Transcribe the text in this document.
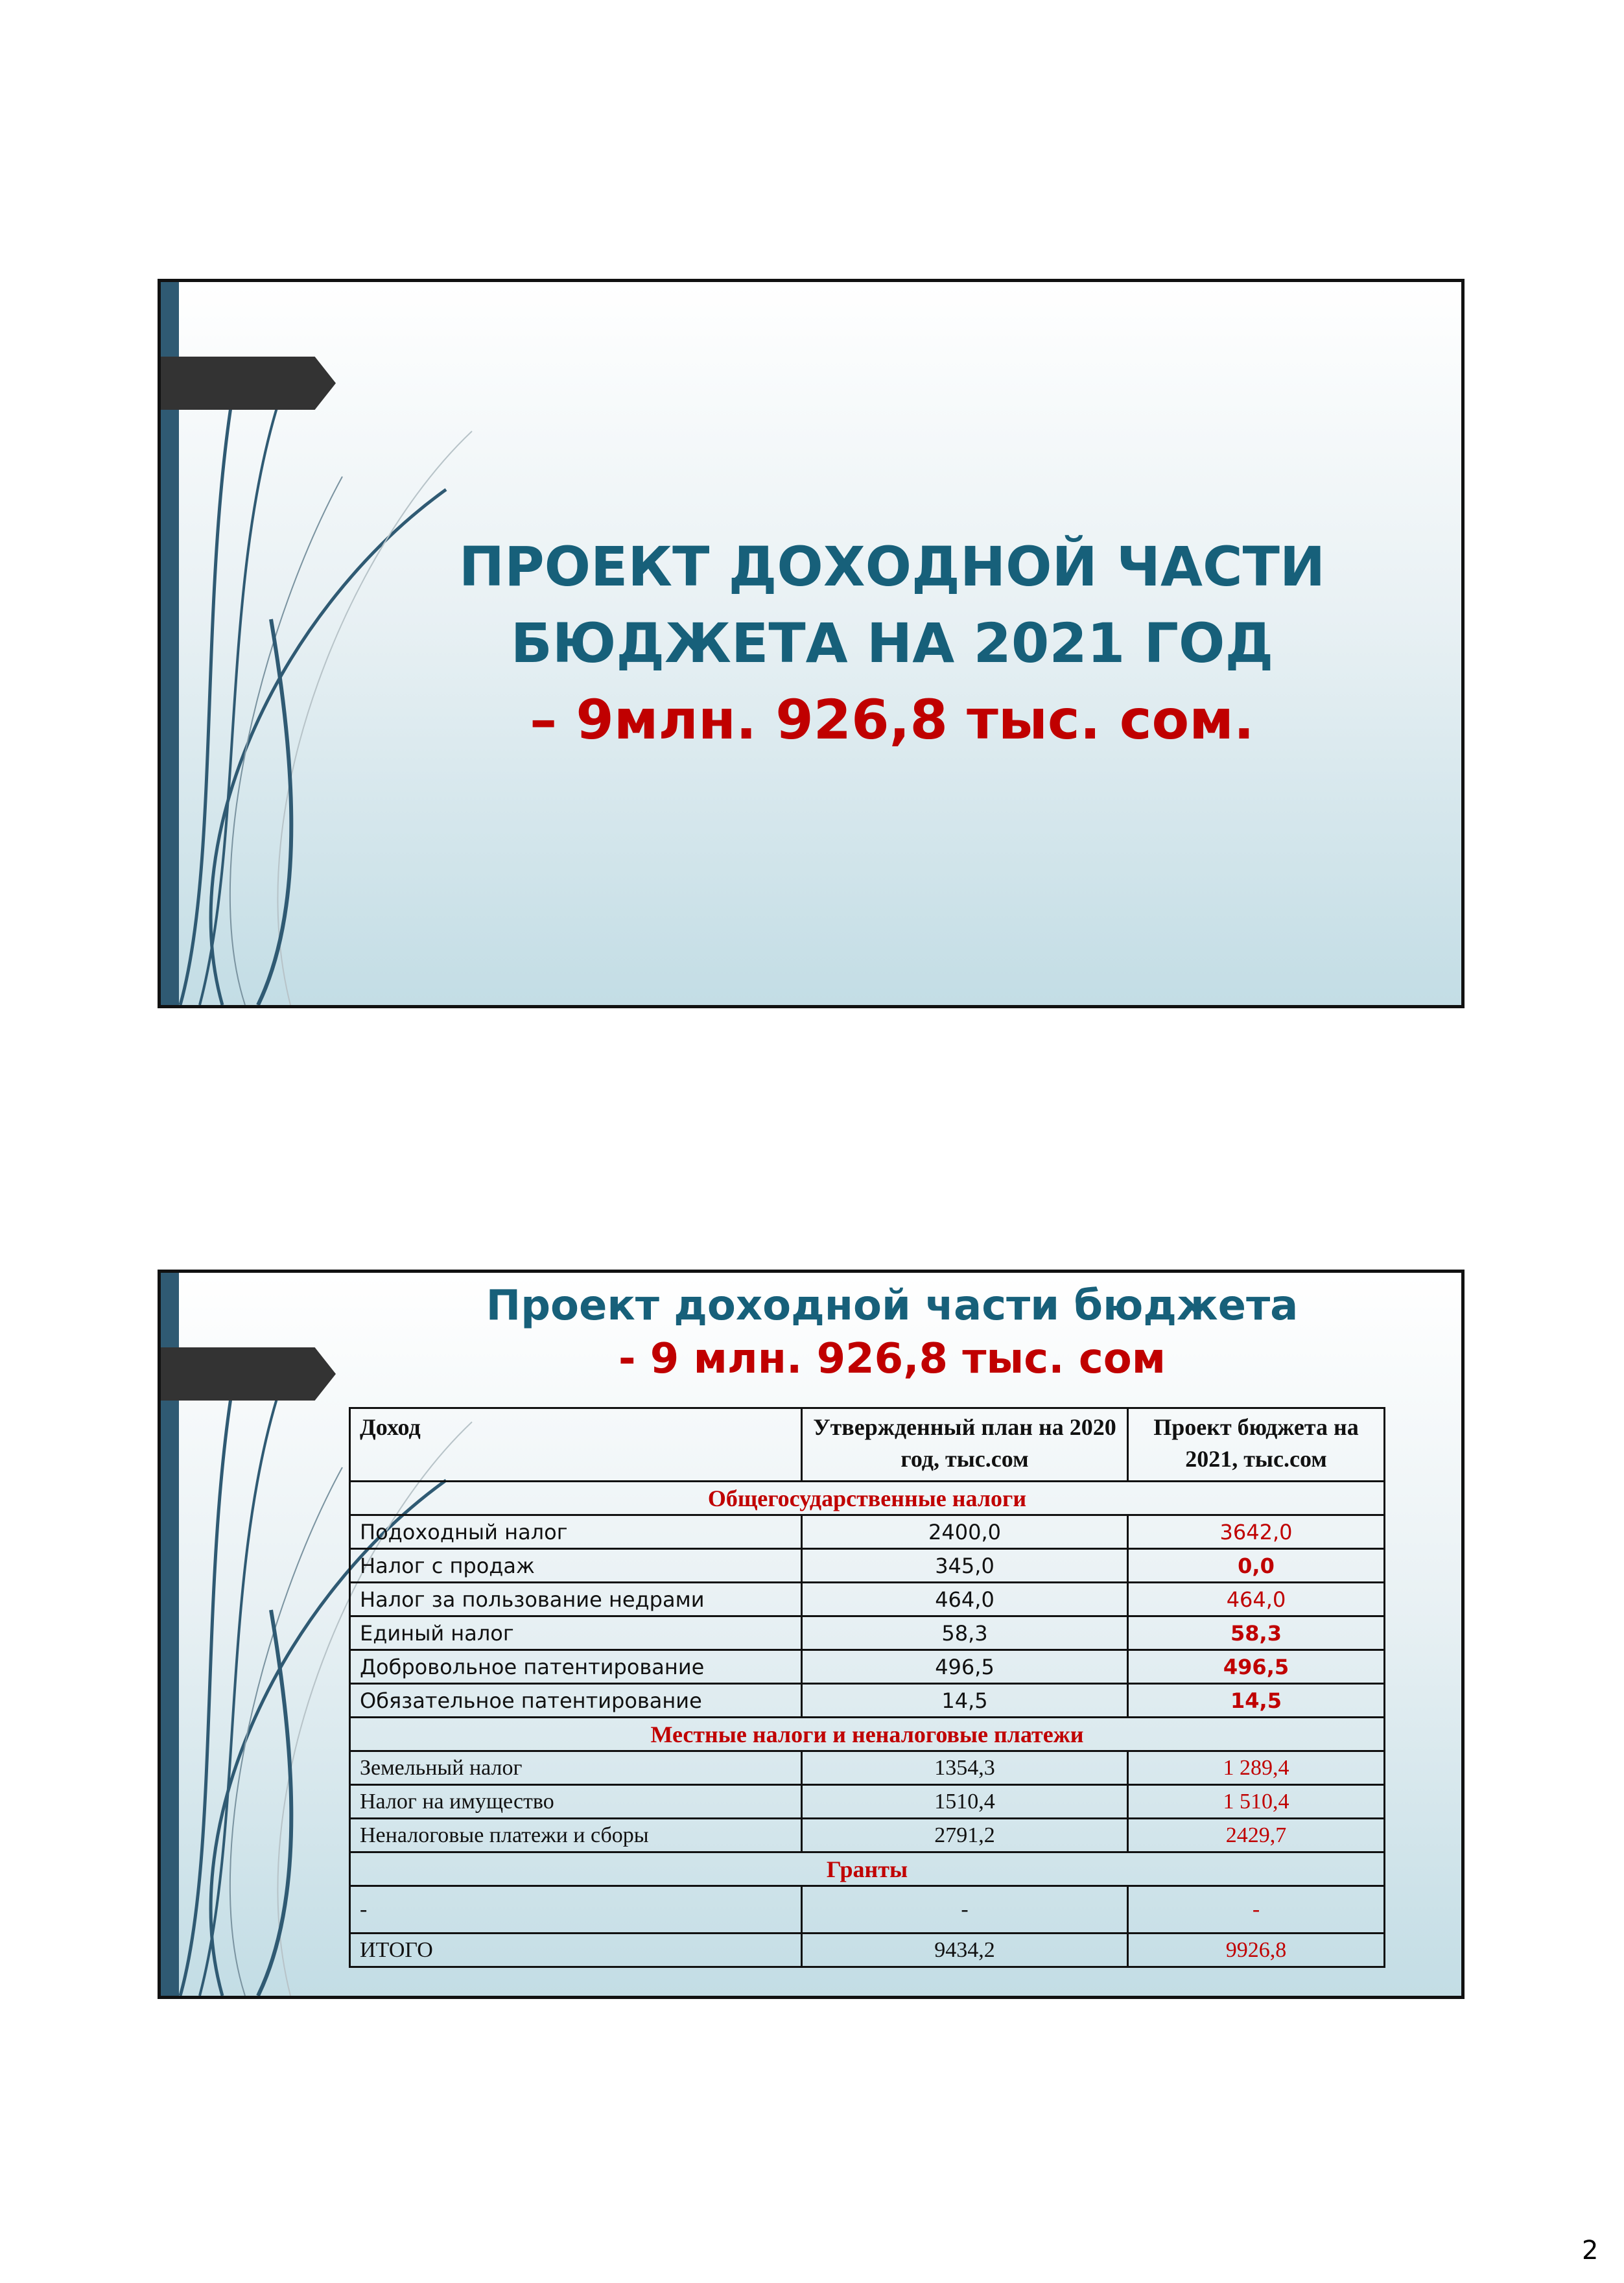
ПРОЕКТ ДОХОДНОЙ ЧАСТИ
БЮДЖЕТА НА 2021 ГОД
– 9млн. 926,8 тыс. сом.
Проект доходной части бюджета
- 9 млн. 926,8 тыс. сом
Доход	Утвержденный план на 2020 год, тыс.сом	Проект бюджета на 2021, тыс.сом
Общегосударственные налоги		
Подоходный налог	2400,0	3642,0
Налог с продаж	345,0	0,0
Налог за пользование недрами	464,0	464,0
Единый налог	58,3	58,3
Добровольное патентирование	496,5	496,5
Обязательное патентирование	14,5	14,5
Местные налоги и неналоговые платежи		
Земельный налог	1354,3	1 289,4
Налог на имущество	1510,4	1 510,4
Неналоговые платежи и сборы	2791,2	2429,7
Гранты		
-	-	-
ИТОГО	9434,2	9926,8
2
